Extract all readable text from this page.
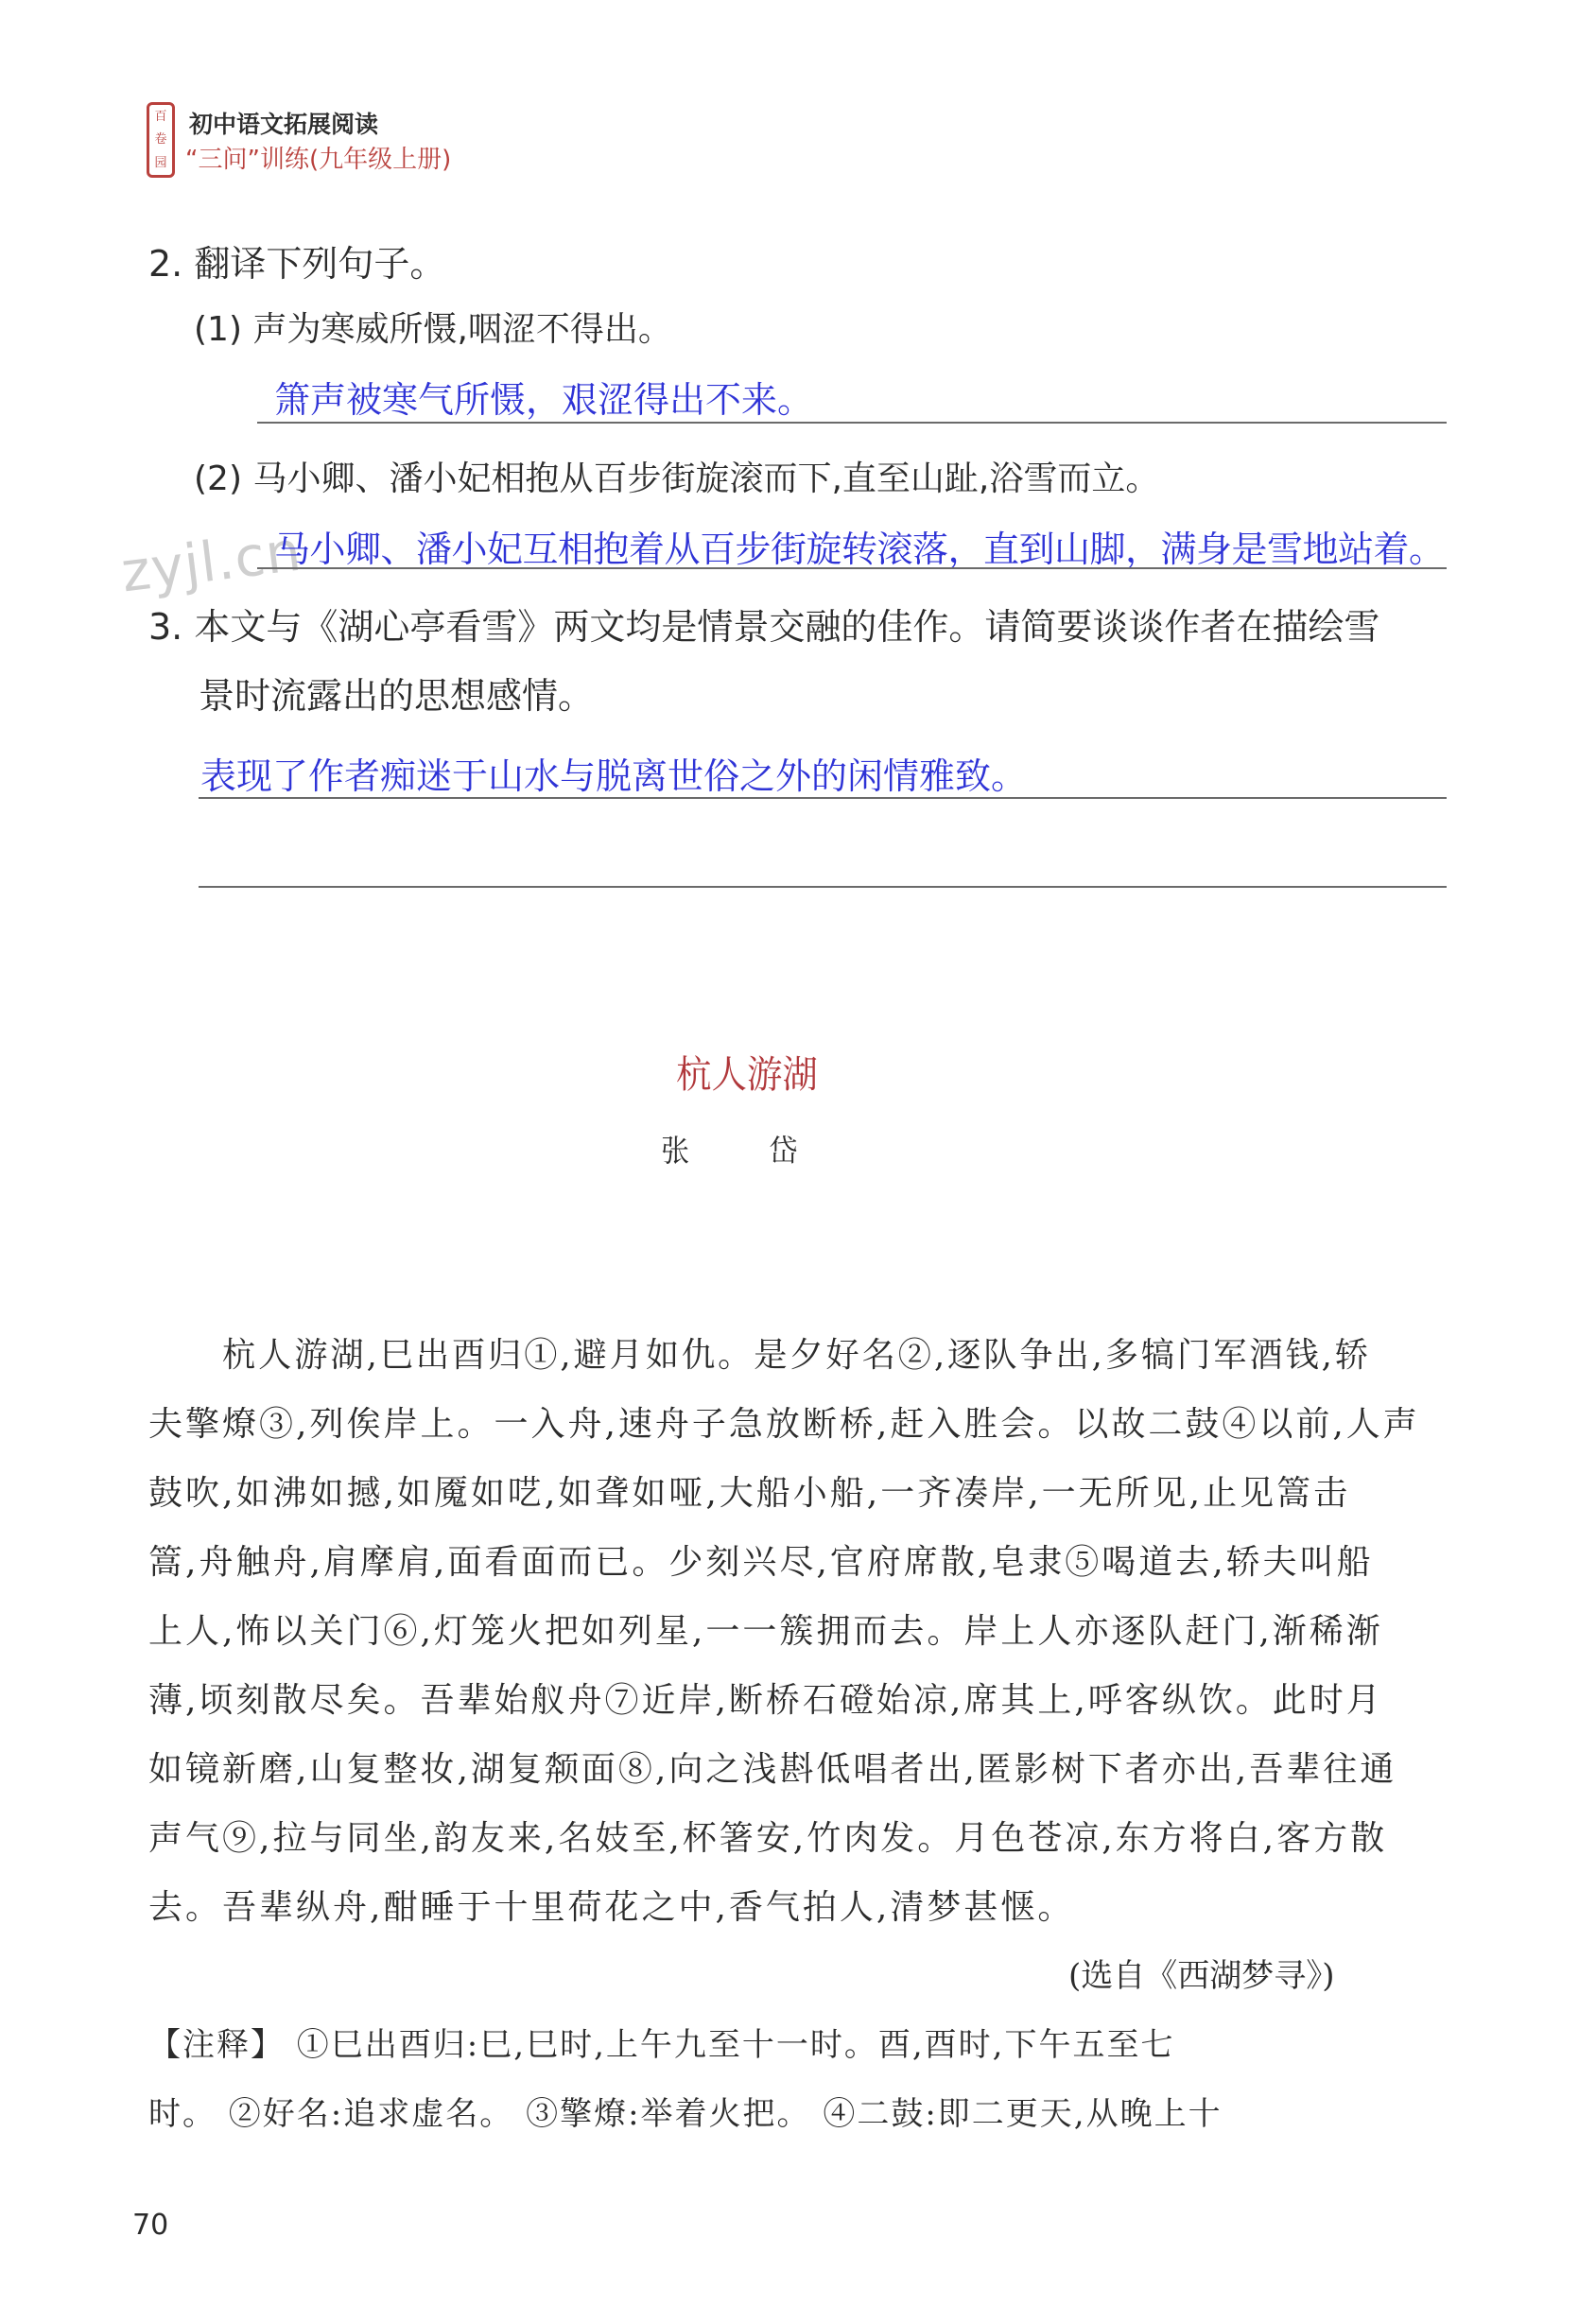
百
卷
园
初中语文拓展阅读
“三问”训练(九年级上册)
zyjl.cn
2. 翻译下列句子。
(1) 声为寒威所慑,咽涩不得出。
箫声被寒气所慑，艰涩得出不来。
(2) 马小卿、潘小妃相抱从百步街旋滚而下,直至山趾,浴雪而立。
马小卿、潘小妃互相抱着从百步街旋转滚落，直到山脚，满身是雪地站着。
3. 本文与《湖心亭看雪》两文均是情景交融的佳作。请简要谈谈作者在描绘雪
景时流露出的思想感情。
表现了作者痴迷于山水与脱离世俗之外的闲情雅致。
杭人游湖
张 岱
杭人游湖,巳出酉归①,避月如仇。是夕好名②,逐队争出,多犒门军酒钱,轿
夫擎燎③,列俟岸上。一入舟,速舟子急放断桥,赶入胜会。以故二鼓④以前,人声
鼓吹,如沸如撼,如魇如呓,如聋如哑,大船小船,一齐凑岸,一无所见,止见篙击
篙,舟触舟,肩摩肩,面看面而已。少刻兴尽,官府席散,皂隶⑤喝道去,轿夫叫船
上人,怖以关门⑥,灯笼火把如列星,一一簇拥而去。岸上人亦逐队赶门,渐稀渐
薄,顷刻散尽矣。吾辈始舣舟⑦近岸,断桥石磴始凉,席其上,呼客纵饮。此时月
如镜新磨,山复整妆,湖复颒面⑧,向之浅斟低唱者出,匿影树下者亦出,吾辈往通
声气⑨,拉与同坐,韵友来,名妓至,杯箸安,竹肉发。月色苍凉,东方将白,客方散
去。吾辈纵舟,酣睡于十里荷花之中,香气拍人,清梦甚惬。
(选自《西湖梦寻》)
【注释】 ①巳出酉归:巳,巳时,上午九至十一时。酉,酉时,下午五至七
时。 ②好名:追求虚名。 ③擎燎:举着火把。 ④二鼓:即二更天,从晚上十
70
